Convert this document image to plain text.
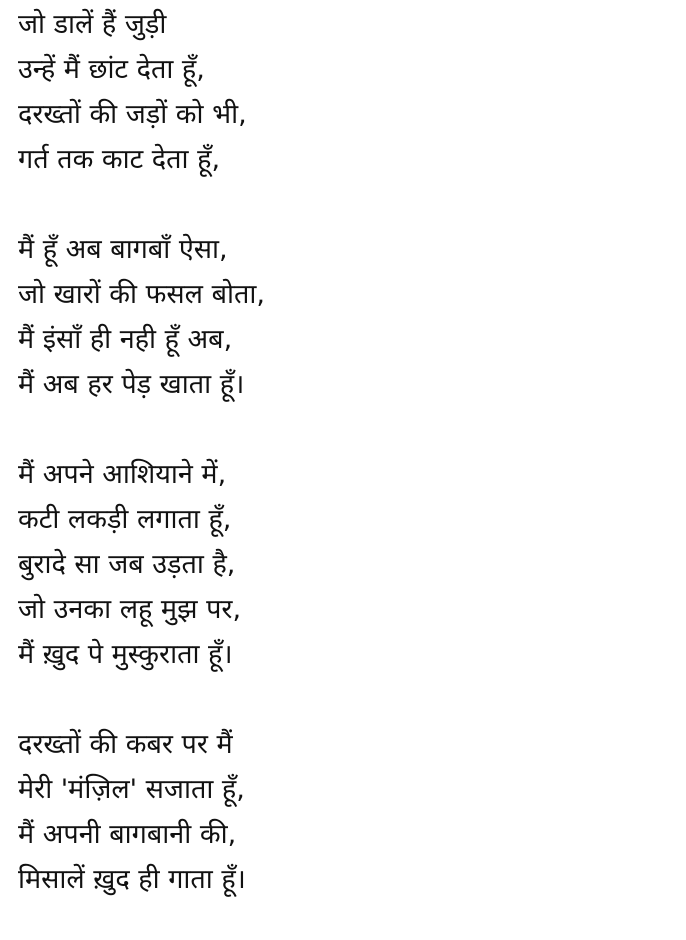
जो डालें हैं जुड़ी
उन्हें मैं छांट देता हूँ,
दरख्तों की जड़ों को भी,
गर्त तक काट देता हूँ,
मैं हूँ अब बागबाँ ऐसा,
जो खारों की फसल बोता,
मैं इंसाँ ही नही हूँ अब,
मैं अब हर पेड़ खाता हूँ।
मैं अपने आशियाने में,
कटी लकड़ी लगाता हूँ,
बुरादे सा जब उड़ता है,
जो उनका लहू मुझ पर,
मैं ख़ुद पे मुस्कुराता हूँ।
दरख्तों की कबर पर मैं
मेरी 'मंज़िल' सजाता हूँ,
मैं अपनी बागबानी की,
मिसालें ख़ुद ही गाता हूँ।
